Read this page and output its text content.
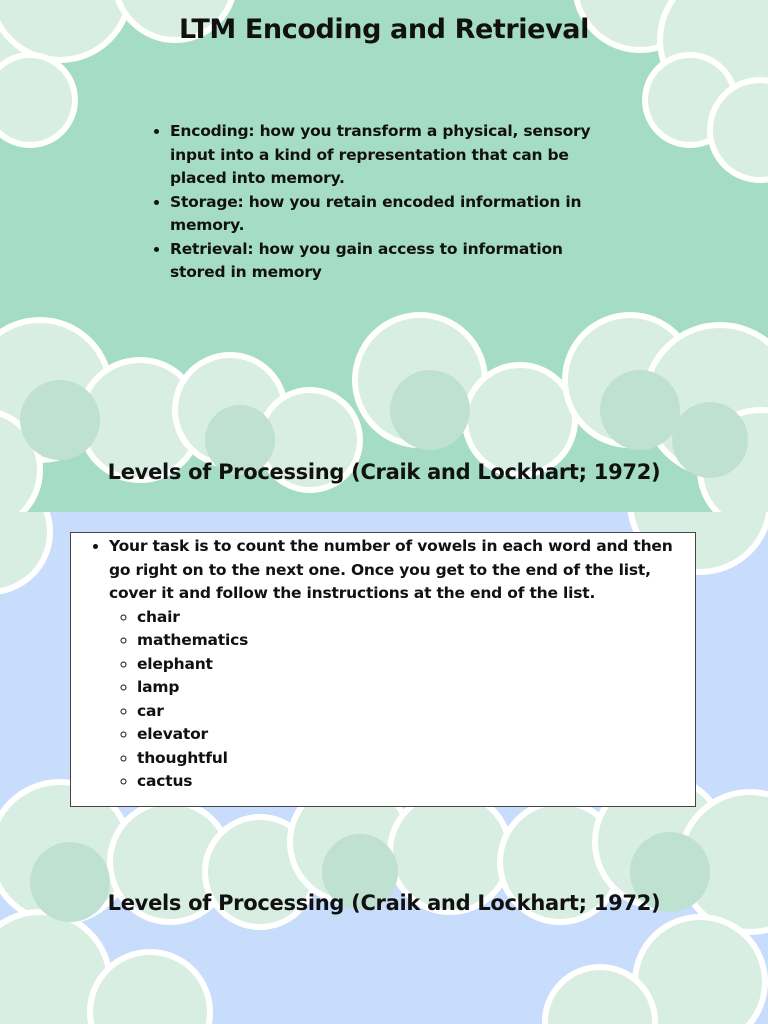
LTM Encoding and Retrieval
• Encoding: how you transform a physical, sensory input into a kind of representation that can be placed into memory.
• Storage: how you retain encoded information in memory.
• Retrieval: how you gain access to information stored in memory
Levels of Processing (Craik and Lockhart; 1972)
Levels of Processing (Craik and Lockhart; 1972)
• Your task is to count the number of vowels in each word and then go right on to the next one. Once you get to the end of the list, cover it and follow the instructions at the end of the list.
◦ chair
◦ mathematics
◦ elephant
◦ lamp
◦ car
◦ elevator
◦ thoughtful
◦ cactus
